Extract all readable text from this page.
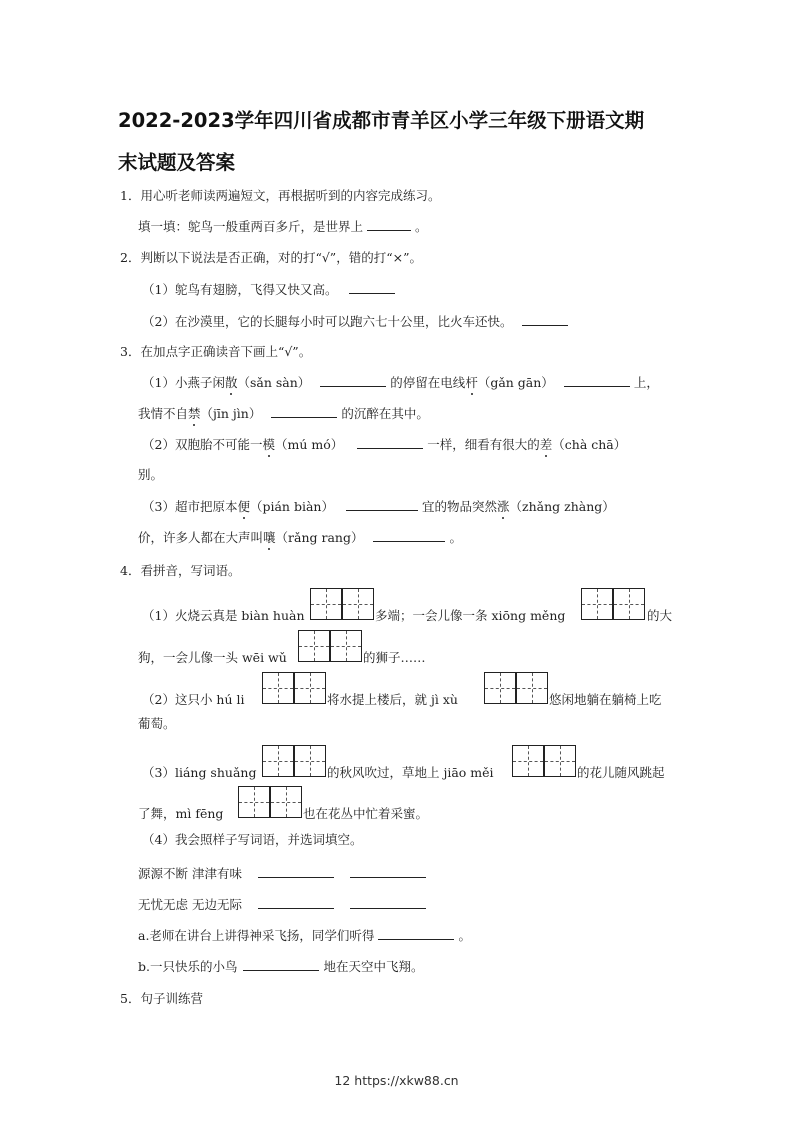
2022-2023学年四川省成都市青羊区小学三年级下册语文期
末试题及答案
1．用心听老师读两遍短文，再根据听到的内容完成练习。
填一填：鸵鸟一般重两百多斤，是世界上	。
2．判断以下说法是否正确，对的打“√”，错的打“×”。
（1）鸵鸟有翅膀，飞得又快又高。
（2）在沙漠里，它的长腿每小时可以跑六七十公里，比火车还快。
3．在加点字正确读音下画上“√”。
（1）小燕子闲散（sǎn sàn）	的停留在电线杆（gǎn gān）	上，
我情不自禁（jīn jìn）	的沉醉在其中。
（2）双胞胎不可能一模（mú mó）	一样，细看有很大的差（chà chā）
别。
（3）超市把原本便（pián biàn）	宜的物品突然涨（zhǎng zhàng）
价，许多人都在大声叫嚷（rǎng rang）	。
4．看拼音，写词语。
（1）火烧云真是 biàn huàn	多端；一会儿像一条 xiōng měng	的大
狗，一会儿像一头 wēi wǔ	的狮子……
（2）这只小 hú li	将水提上楼后，就 jì xù	悠闲地躺在躺椅上吃
葡萄。
（3）liáng shuǎng	的秋风吹过，草地上 jiāo měi	的花儿随风跳起
了舞，mì fēng	也在花丛中忙着采蜜。
（4）我会照样子写词语，并选词填空。
源源不断 津津有味
无忧无虑 无边无际
a.老师在讲台上讲得神采飞扬，同学们听得	。
b.一只快乐的小鸟	地在天空中飞翔。
5．句子训练营
12 https://xkw88.cn
